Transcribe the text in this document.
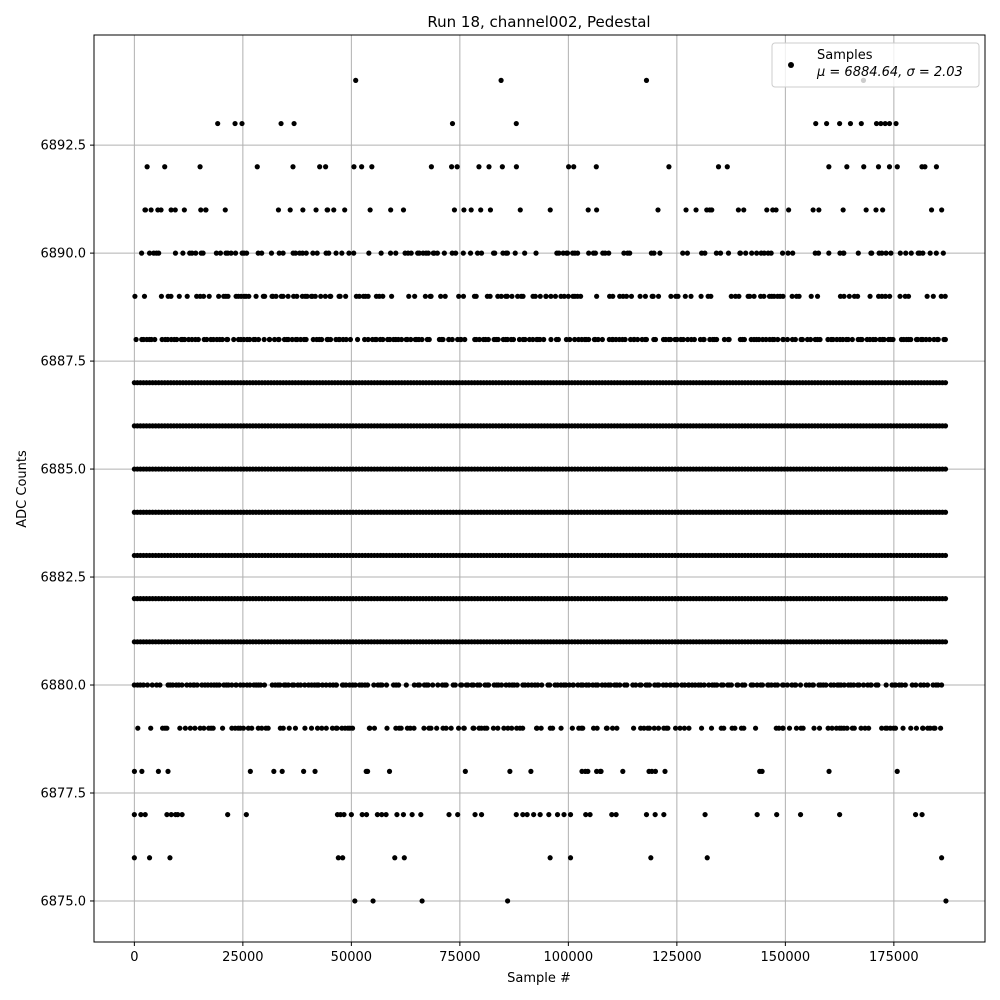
0	25000	50000	75000	100000	125000	150000	175000
6875.0
6877.5
6880.0
6882.5
6885.0
6887.5
6890.0
6892.5
Run 18, channel002, Pedestal
Sample #
ADC Counts
Samples
μ = 6884.64, σ = 2.03
